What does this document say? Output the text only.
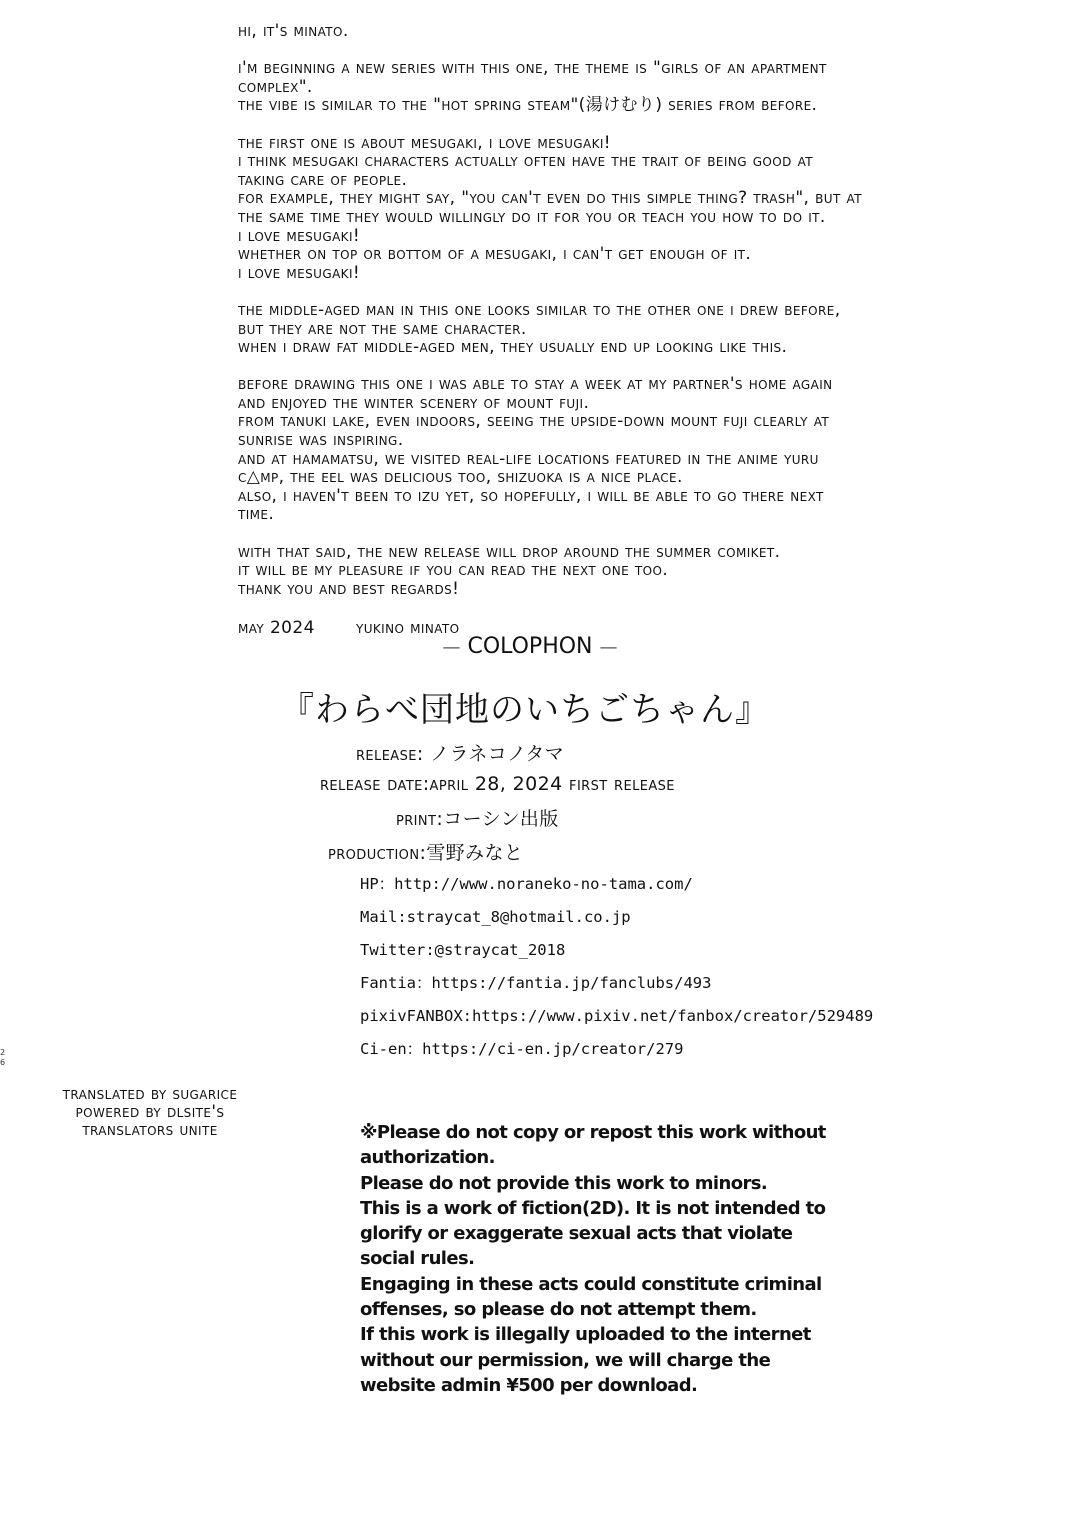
hi, it's minato.
i'm beginning a new series with this one, the theme is "girls of an apartment
complex".
the vibe is similar to the "hot spring steam"(湯けむり) series from before.
the first one is about mesugaki, i love mesugaki!
i think mesugaki characters actually often have the trait of being good at
taking care of people.
for example, they might say, "you can't even do this simple thing? trash", but at
the same time they would willingly do it for you or teach you how to do it.
i love mesugaki!
whether on top or bottom of a mesugaki, i can't get enough of it.
i love mesugaki!
the middle-aged man in this one looks similar to the other one i drew before,
but they are not the same character.
when i draw fat middle-aged men, they usually end up looking like this.
before drawing this one i was able to stay a week at my partner's home again
and enjoyed the winter scenery of mount fuji.
from tanuki lake, even indoors, seeing the upside-down mount fuji clearly at
sunrise was inspiring.
and at hamamatsu, we visited real-life locations featured in the anime yuru
c△mp, the eel was delicious too, shizuoka is a nice place.
also, i haven't been to izu yet, so hopefully, i will be able to go there next
time.
with that said, the new release will drop around the summer comiket.
it will be my pleasure if you can read the next one too.
thank you and best regards!
may 2024 yukino minato
— COLOPHON —
『わらべ団地のいちごちゃん』
release: ノラネコノタマ
release date:april 28, 2024 first release
print:コーシン出版
production:雪野みなと
HP：http://www.noraneko-no-tama.com/
Mail:straycat_8@hotmail.co.jp
Twitter:@straycat_2018
Fantia：https://fantia.jp/fanclubs/493
pixivFANBOX:https://www.pixiv.net/fanbox/creator/529489
Ci-en：https://ci-en.jp/creator/279
※Please do not copy or repost this work without
authorization.
Please do not provide this work to minors.
This is a work of fiction(2D). It is not intended to
glorify or exaggerate sexual acts that violate
social rules.
Engaging in these acts could constitute criminal
offenses, so please do not attempt them.
If this work is illegally uploaded to the internet
without our permission, we will charge the
website admin ¥500 per download.
2
6
translated by sugarice
powered by dlsite's
translators unite
